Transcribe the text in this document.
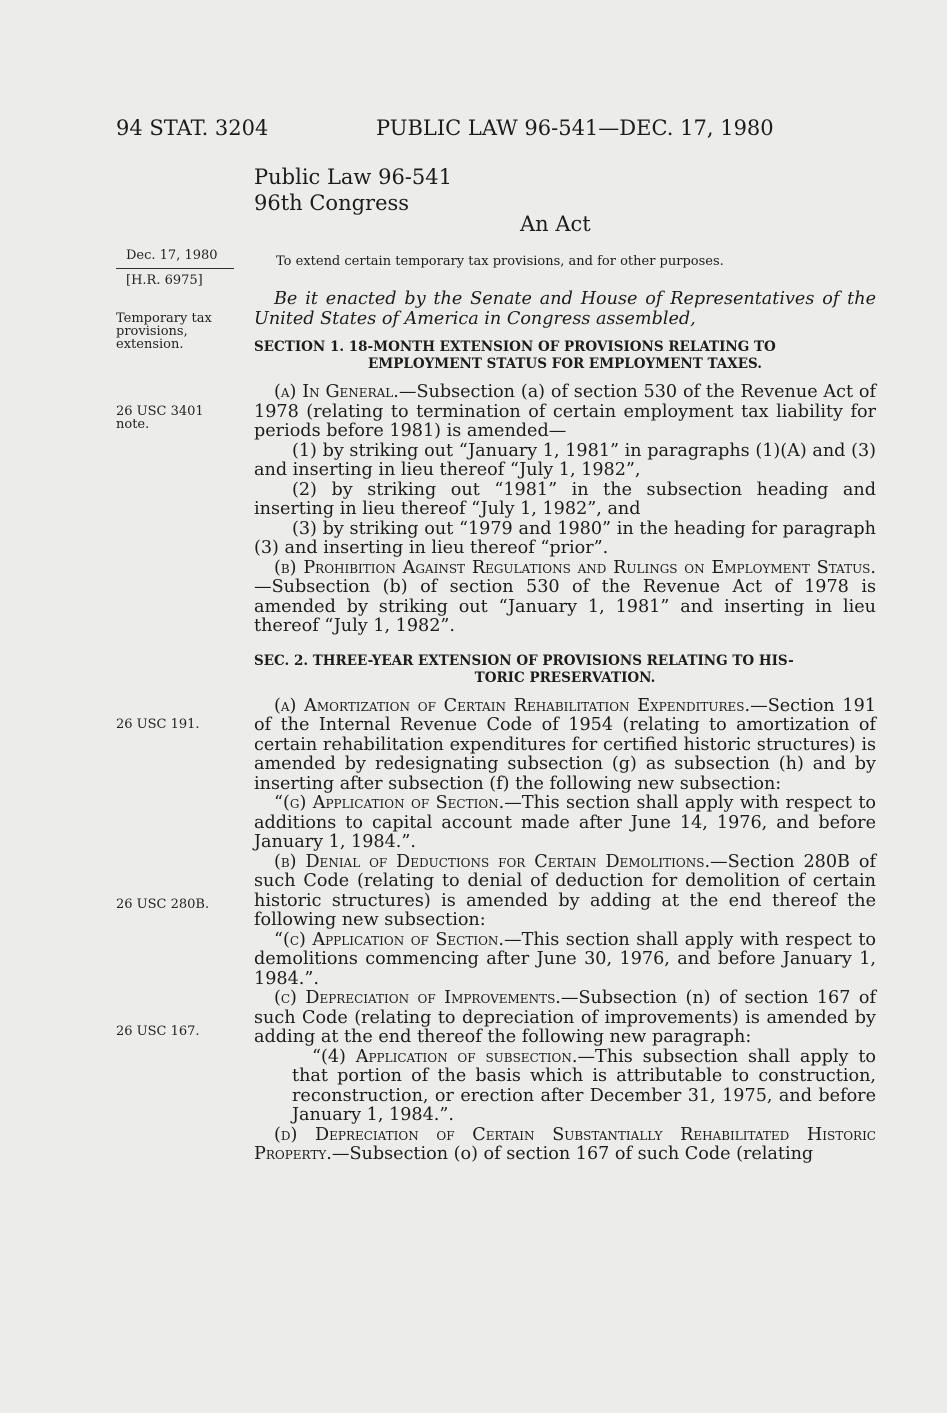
94 STAT. 3204	PUBLIC LAW 96-541—DEC. 17, 1980
Public Law 96-541
96th Congress
An Act
Dec. 17, 1980
[H.R. 6975]
Temporary tax
provisions,
extension.
26 USC 3401
note.
26 USC 191.
26 USC 280B.
26 USC 167.
To extend certain temporary tax provisions, and for other purposes.

Be it enacted by the Senate and House of Representatives of the United States of America in Congress assembled,

SECTION 1. 18-MONTH EXTENSION OF PROVISIONS RELATING TO
EMPLOYMENT STATUS FOR EMPLOYMENT TAXES.

(a) In General.—Subsection (a) of section 530 of the Revenue Act of 1978 (relating to termination of certain employment tax liability for periods before 1981) is amended—

(1) by striking out “January 1, 1981” in paragraphs (1)(A) and (3) and inserting in lieu thereof “July 1, 1982”,

(2) by striking out “1981” in the subsection heading and inserting in lieu thereof “July 1, 1982”, and

(3) by striking out “1979 and 1980” in the heading for paragraph (3) and inserting in lieu thereof “prior”.

(b) Prohibition Against Regulations and Rulings on Employment Status.—Subsection (b) of section 530 of the Revenue Act of 1978 is amended by striking out “January 1, 1981” and inserting in lieu thereof “July 1, 1982”.

SEC. 2. THREE-YEAR EXTENSION OF PROVISIONS RELATING TO HIS-
TORIC PRESERVATION.

(a) Amortization of Certain Rehabilitation Expenditures.—Section 191 of the Internal Revenue Code of 1954 (relating to amortization of certain rehabilitation expenditures for certified historic structures) is amended by redesignating subsection (g) as subsection (h) and by inserting after subsection (f) the following new subsection:

“(g) Application of Section.—This section shall apply with respect to additions to capital account made after June 14, 1976, and before January 1, 1984.”.

(b) Denial of Deductions for Certain Demolitions.—Section 280B of such Code (relating to denial of deduction for demolition of certain historic structures) is amended by adding at the end thereof the following new subsection:

“(c) Application of Section.—This section shall apply with respect to demolitions commencing after June 30, 1976, and before January 1, 1984.”.

(c) Depreciation of Improvements.—Subsection (n) of section 167 of such Code (relating to depreciation of improvements) is amended by adding at the end thereof the following new paragraph:

“(4) Application of subsection.—This subsection shall apply to that portion of the basis which is attributable to construction, reconstruction, or erection after December 31, 1975, and before January 1, 1984.”.

(d) Depreciation of Certain Substantially Rehabilitated Historic Property.—Subsection (o) of section 167 of such Code (relating
